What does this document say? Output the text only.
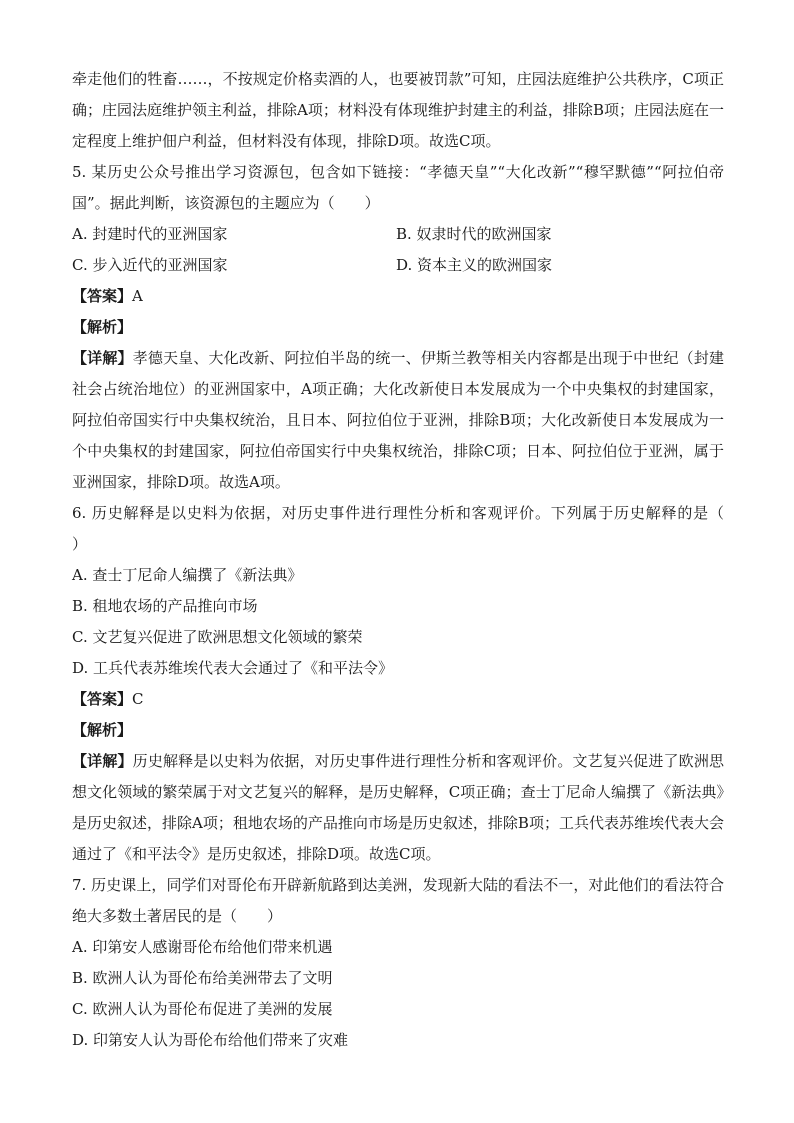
牵走他们的牲畜……，不按规定价格卖酒的人，也要被罚款”可知，庄园法庭维护公共秩序，C项正确；庄园法庭维护领主利益，排除A项；材料没有体现维护封建主的利益，排除B项；庄园法庭在一定程度上维护佃户利益，但材料没有体现，排除D项。故选C项。

5. 某历史公众号推出学习资源包，包含如下链接：“孝德天皇”“大化改新”“穆罕默德”“阿拉伯帝国”。据此判断，该资源包的主题应为（　　）

A. 封建时代的亚洲国家	B. 奴隶时代的欧洲国家
C. 步入近代的亚洲国家	D. 资本主义的欧洲国家

【答案】A

【解析】

【详解】孝德天皇、大化改新、阿拉伯半岛的统一、伊斯兰教等相关内容都是出现于中世纪（封建社会占统治地位）的亚洲国家中，A项正确；大化改新使日本发展成为一个中央集权的封建国家，阿拉伯帝国实行中央集权统治，且日本、阿拉伯位于亚洲，排除B项；大化改新使日本发展成为一个中央集权的封建国家，阿拉伯帝国实行中央集权统治，排除C项；日本、阿拉伯位于亚洲，属于亚洲国家，排除D项。故选A项。

6. 历史解释是以史料为依据，对历史事件进行理性分析和客观评价。下列属于历史解释的是（　　）

A. 查士丁尼命人编撰了《新法典》
B. 租地农场的产品推向市场
C. 文艺复兴促进了欧洲思想文化领域的繁荣
D. 工兵代表苏维埃代表大会通过了《和平法令》

【答案】C

【解析】

【详解】历史解释是以史料为依据，对历史事件进行理性分析和客观评价。文艺复兴促进了欧洲思想文化领域的繁荣属于对文艺复兴的解释，是历史解释，C项正确；查士丁尼命人编撰了《新法典》是历史叙述，排除A项；租地农场的产品推向市场是历史叙述，排除B项；工兵代表苏维埃代表大会通过了《和平法令》是历史叙述，排除D项。故选C项。

7. 历史课上，同学们对哥伦布开辟新航路到达美洲，发现新大陆的看法不一，对此他们的看法符合绝大多数土著居民的是（　　）

A. 印第安人感谢哥伦布给他们带来机遇
B. 欧洲人认为哥伦布给美洲带去了文明
C. 欧洲人认为哥伦布促进了美洲的发展
D. 印第安人认为哥伦布给他们带来了灾难
